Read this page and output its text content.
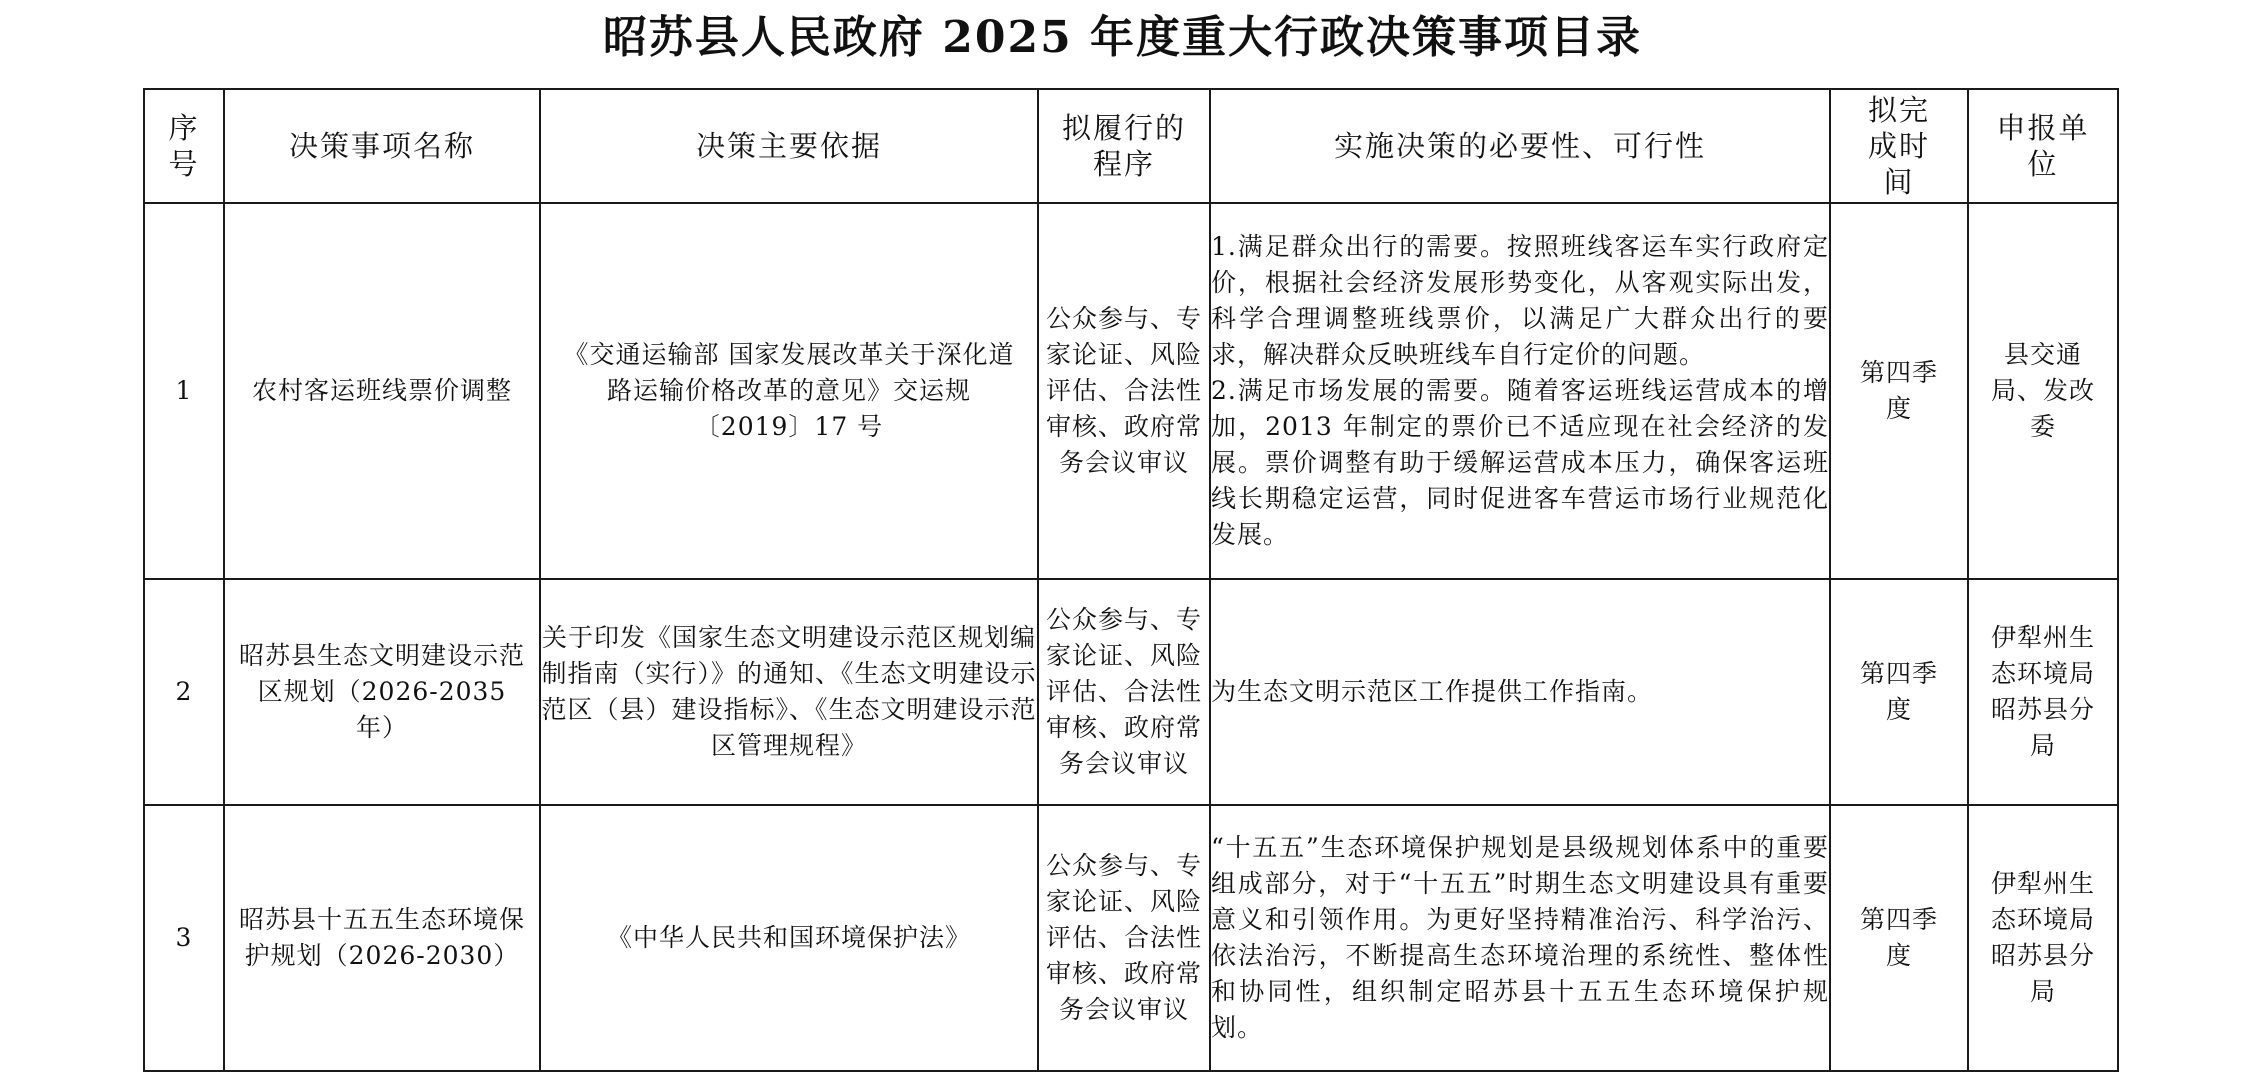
昭苏县人民政府 2025 年度重大行政决策事项目录
序号	决策事项名称	决策主要依据	拟履行的程序	实施决策的必要性、可行性	拟完成时间	申报单位
1	农村客运班线票价调整	《交通运输部 国家发展改革关于深化道路运输价格改革的意见》交运规〔2019〕17 号	公众参与、专家论证、风险评估、合法性审核、政府常务会议审议	1.满足群众出行的需要。按照班线客运车实行政府定价，根据社会经济发展形势变化，从客观实际出发，科学合理调整班线票价，以满足广大群众出行的要求，解决群众反映班线车自行定价的问题。
2.满足市场发展的需要。随着客运班线运营成本的增加，2013 年制定的票价已不适应现在社会经济的发展。票价调整有助于缓解运营成本压力，确保客运班线长期稳定运营，同时促进客车营运市场行业规范化发展。	第四季度	县交通局、发改委
2	昭苏县生态文明建设示范区规划（2026-2035 年）	关于印发《国家生态文明建设示范区规划编制指南（实行）》的通知、《生态文明建设示范区（县）建设指标》、《生态文明建设示范区管理规程》	公众参与、专家论证、风险评估、合法性审核、政府常务会议审议	为生态文明示范区工作提供工作指南。	第四季度	伊犁州生态环境局昭苏县分局
3	昭苏县十五五生态环境保护规划（2026-2030）	《中华人民共和国环境保护法》	公众参与、专家论证、风险评估、合法性审核、政府常务会议审议	“十五五”生态环境保护规划是县级规划体系中的重要组成部分，对于“十五五”时期生态文明建设具有重要意义和引领作用。为更好坚持精准治污、科学治污、依法治污，不断提高生态环境治理的系统性、整体性和协同性，组织制定昭苏县十五五生态环境保护规划。	第四季度	伊犁州生态环境局昭苏县分局
